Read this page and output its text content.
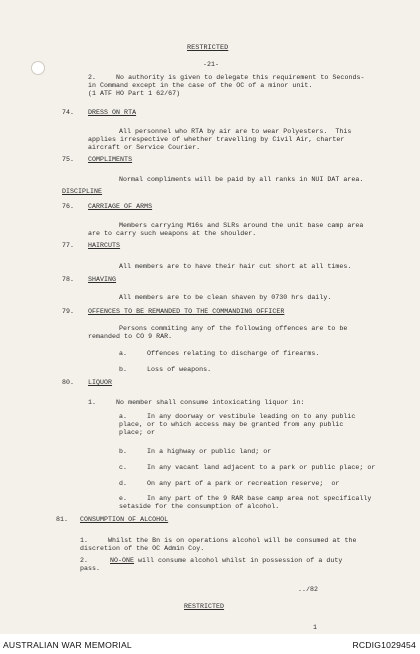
RESTRICTED
-21-
2.     No authority is given to delegate this requirement to Seconds-
in Command except in the case of the OC of a minor unit.
(1 ATF HO Part 1 62/67)
74. DRESS ON RTA
All personnel who RTA by air are to wear Polyesters.  This
applies irrespective of whether travelling by Civil Air, charter
aircraft or Service Courier.
75. COMPLIMENTS
Normal compliments will be paid by all ranks in NUI DAT area.
DISCIPLINE
76. CARRIAGE OF ARMS
Members carrying M16s and SLRs around the unit base camp area
are to carry such weapons at the shoulder.
77. HAIRCUTS
All members are to have their hair cut short at all times.
78. SHAVING
All members are to be clean shaven by 0730 hrs daily.
79. OFFENCES TO BE REMANDED TO THE COMMANDING OFFICER
Persons commiting any of the following offences are to be
remanded to CO 9 RAR.
a.     Offences relating to discharge of firearms.
b.     Loss of weapons.
80. LIQUOR
1.     No member shall consume intoxicating liquor in:
a.     In any doorway or vestibule leading on to any public
place, or to which access may be granted from any public
place; or
b.     In a highway or public land; or
c.     In any vacant land adjacent to a park or public place; or
d.     On any part of a park or recreation reserve;  or
e.     In any part of the 9 RAR base camp area not specifically
setaside for the consumption of alcohol.
81. CONSUMPTION OF ALCOHOL
1.     Whilst the Bn is on operations alcohol will be consumed at the
discretion of the OC Admin Coy.
2.	NO-ONE will consume alcohol whilst in possession of a duty
pass.
../82
RESTRICTED
1
AUSTRALIAN WAR MEMORIAL	RCDIG1029454
